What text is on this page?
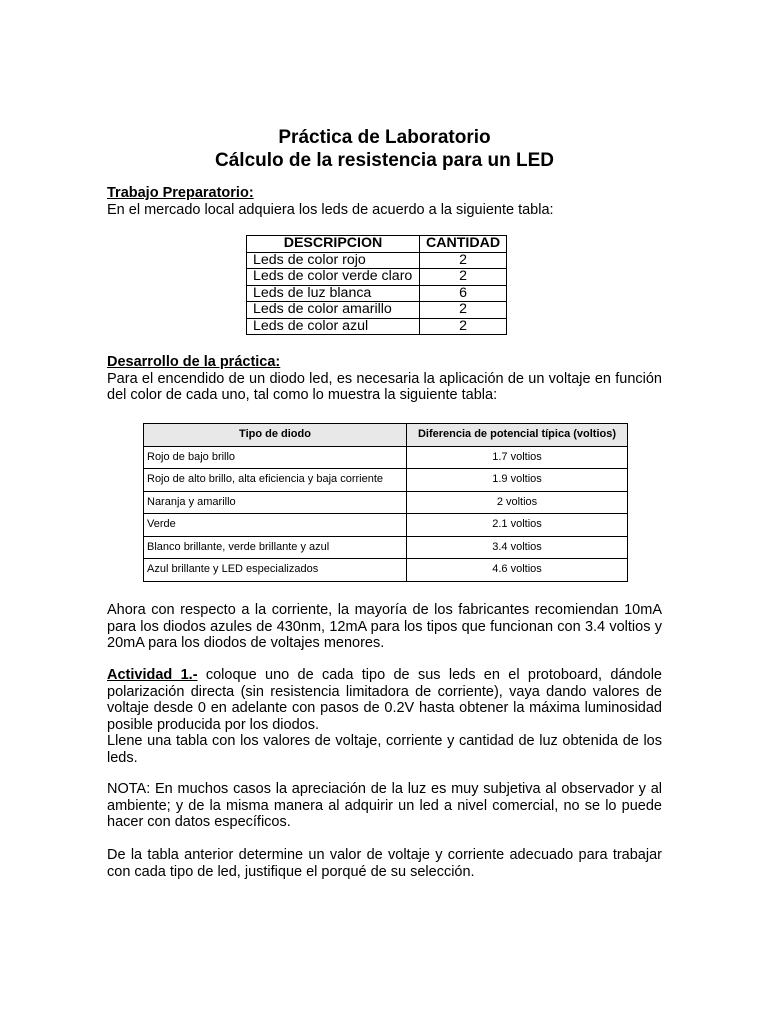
Práctica de Laboratorio
Cálculo de la resistencia para un LED
Trabajo Preparatorio:
En el mercado local adquiera los leds de acuerdo a la siguiente tabla:
DESCRIPCION	CANTIDAD
Leds de color rojo	2
Leds de color verde claro	2
Leds de luz blanca	6
Leds de color amarillo	2
Leds de color azul	2
Desarrollo de la práctica:

Para el encendido de un diodo led, es necesaria la aplicación de un voltaje en función del color de cada uno, tal como lo muestra la siguiente tabla:

Tipo de diodo	Diferencia de potencial típica (voltios)
Rojo de bajo brillo	1.7 voltios
Rojo de alto brillo, alta eficiencia y baja corriente	1.9 voltios
Naranja y amarillo	2 voltios
Verde	2.1 voltios
Blanco brillante, verde brillante y azul	3.4 voltios
Azul brillante y LED especializados	4.6 voltios

Ahora con respecto a la corriente, la mayoría de los fabricantes recomiendan 10mA para los diodos azules de 430nm, 12mA para los tipos que funcionan con 3.4 voltios y 20mA para los diodos de voltajes menores.

Actividad 1.- coloque uno de cada tipo de sus leds en el protoboard, dándole polarización directa (sin resistencia limitadora de corriente), vaya dando valores de voltaje desde 0 en adelante con pasos de 0.2V hasta obtener la máxima luminosidad posible producida por los diodos.

Llene una tabla con los valores de voltaje, corriente y cantidad de luz obtenida de los leds.

NOTA: En muchos casos la apreciación de la luz es muy subjetiva al observador y al ambiente; y de la misma manera al adquirir un led a nivel comercial, no se lo puede hacer con datos específicos.

De la tabla anterior determine un valor de voltaje y corriente adecuado para trabajar con cada tipo de led, justifique el porqué de su selección.
